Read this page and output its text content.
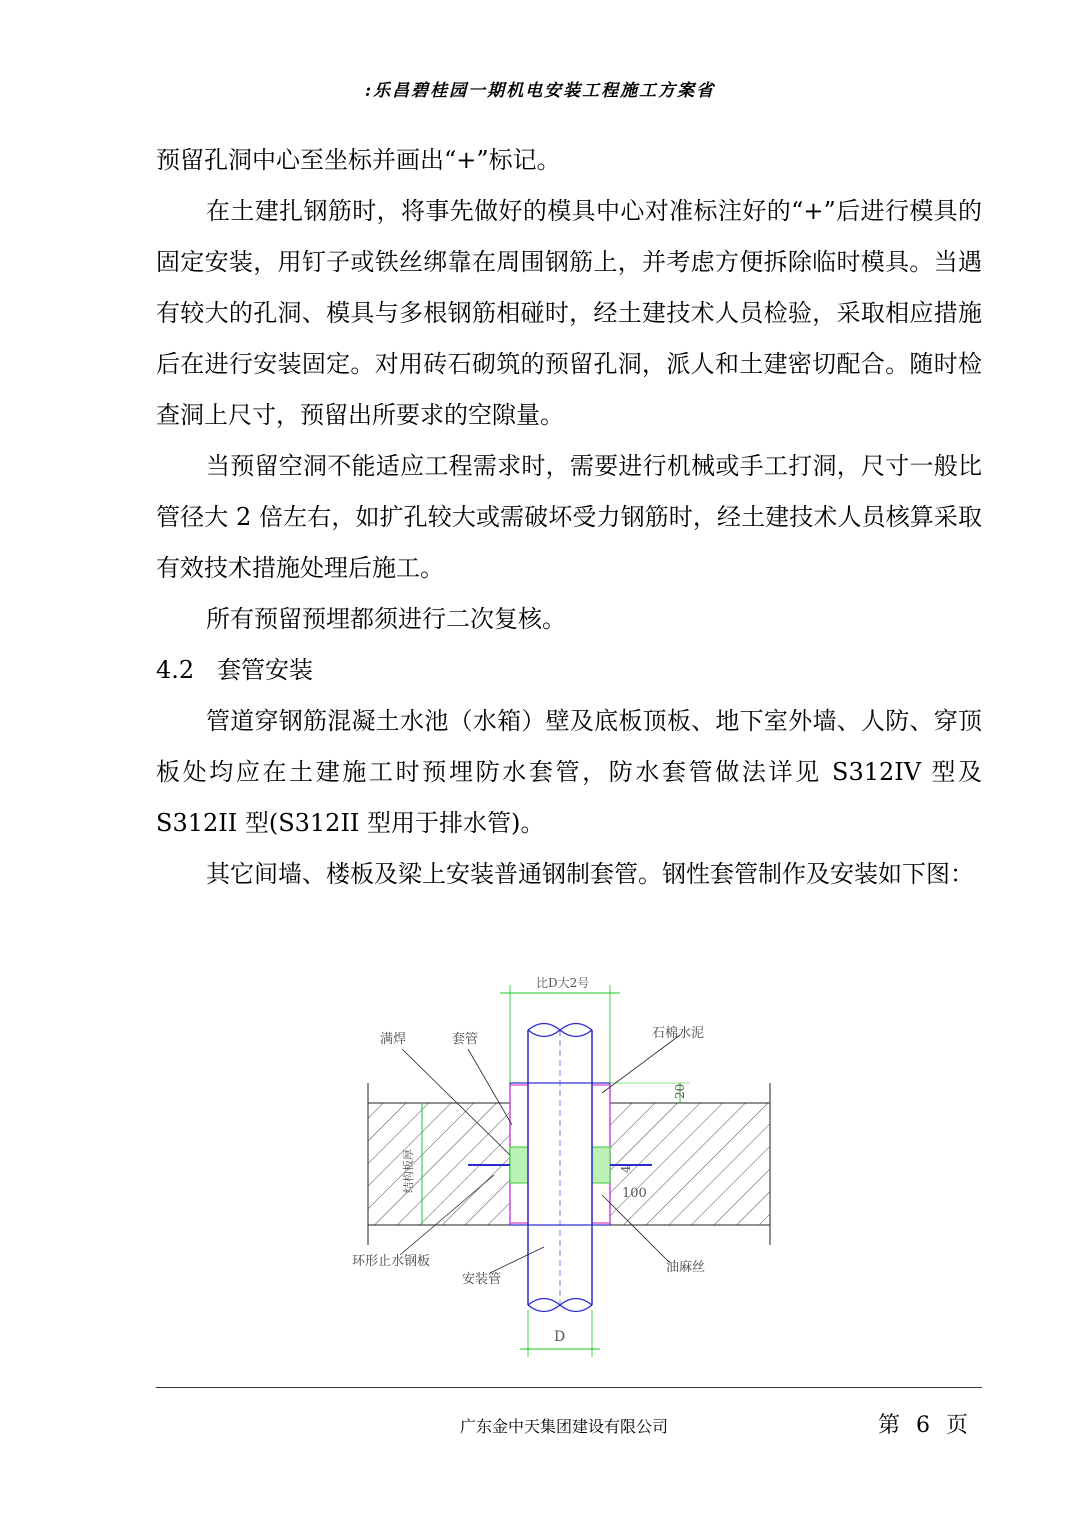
:乐昌碧桂园一期机电安装工程施工方案省

预留孔洞中心至坐标并画出“+”标记。

在土建扎钢筋时，将事先做好的模具中心对准标注好的“+”后进行模具的固定安装，用钉子或铁丝绑靠在周围钢筋上，并考虑方便拆除临时模具。当遇有较大的孔洞、模具与多根钢筋相碰时，经土建技术人员检验，采取相应措施后在进行安装固定。对用砖石砌筑的预留孔洞，派人和土建密切配合。随时检查洞上尺寸，预留出所要求的空隙量。

当预留空洞不能适应工程需求时，需要进行机械或手工打洞，尺寸一般比管径大 2 倍左右，如扩孔较大或需破坏受力钢筋时，经土建技术人员核算采取有效技术措施处理后施工。

所有预留预埋都须进行二次复核。

4.2 套管安装

管道穿钢筋混凝土水池（水箱）壁及底板顶板、地下室外墙、人防、穿顶板处均应在土建施工时预埋防水套管，防水套管做法详见 S312IV 型及 S312II 型(S312II 型用于排水管)。

其它间墙、楼板及梁上安装普通钢制套管。钢性套管制作及安装如下图：

比D大2号
D
20
结构板厚	4
100
满焊	套管	石棉水泥
环形止水钢板
安装管
油麻丝
广东金中天集团建设有限公司	第 6 页
